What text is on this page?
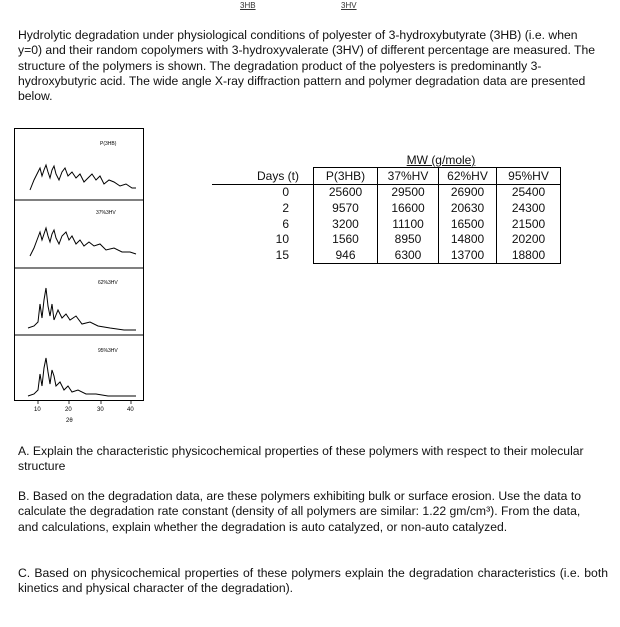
3HB	3HV

Hydrolytic degradation under physiological conditions of polyester of 3-hydroxybutyrate (3HB) (i.e. when y=0) and their random copolymers with 3-hydroxyvalerate (3HV) of different percentage are measured. The structure of the polymers is shown. The degradation product of the polyesters is predominantly 3-hydroxybutyric acid. The wide angle X-ray diffraction pattern and polymer degradation data are presented below.

P(3HB)
37%3HV
62%3HV
95%3HV
10	20	30	40
2θ
	MW (g/mole)			
Days (t)	P(3HB)	37%HV	62%HV	95%HV
0	25600	29500	26900	25400
2	9570	16600	20630	24300
6	3200	11100	16500	21500
10	1560	8950	14800	20200
15	946	6300	13700	18800

A. Explain the characteristic physicochemical properties of these polymers with respect to their molecular structure

B. Based on the degradation data, are these polymers exhibiting bulk or surface erosion. Use the data to calculate the degradation rate constant (density of all polymers are similar: 1.22 gm/cm³). From the data, and calculations, explain whether the degradation is auto catalyzed, or non-auto catalyzed.

C. Based on physicochemical properties of these polymers explain the degradation characteristics (i.e. both kinetics and physical character of the degradation).
